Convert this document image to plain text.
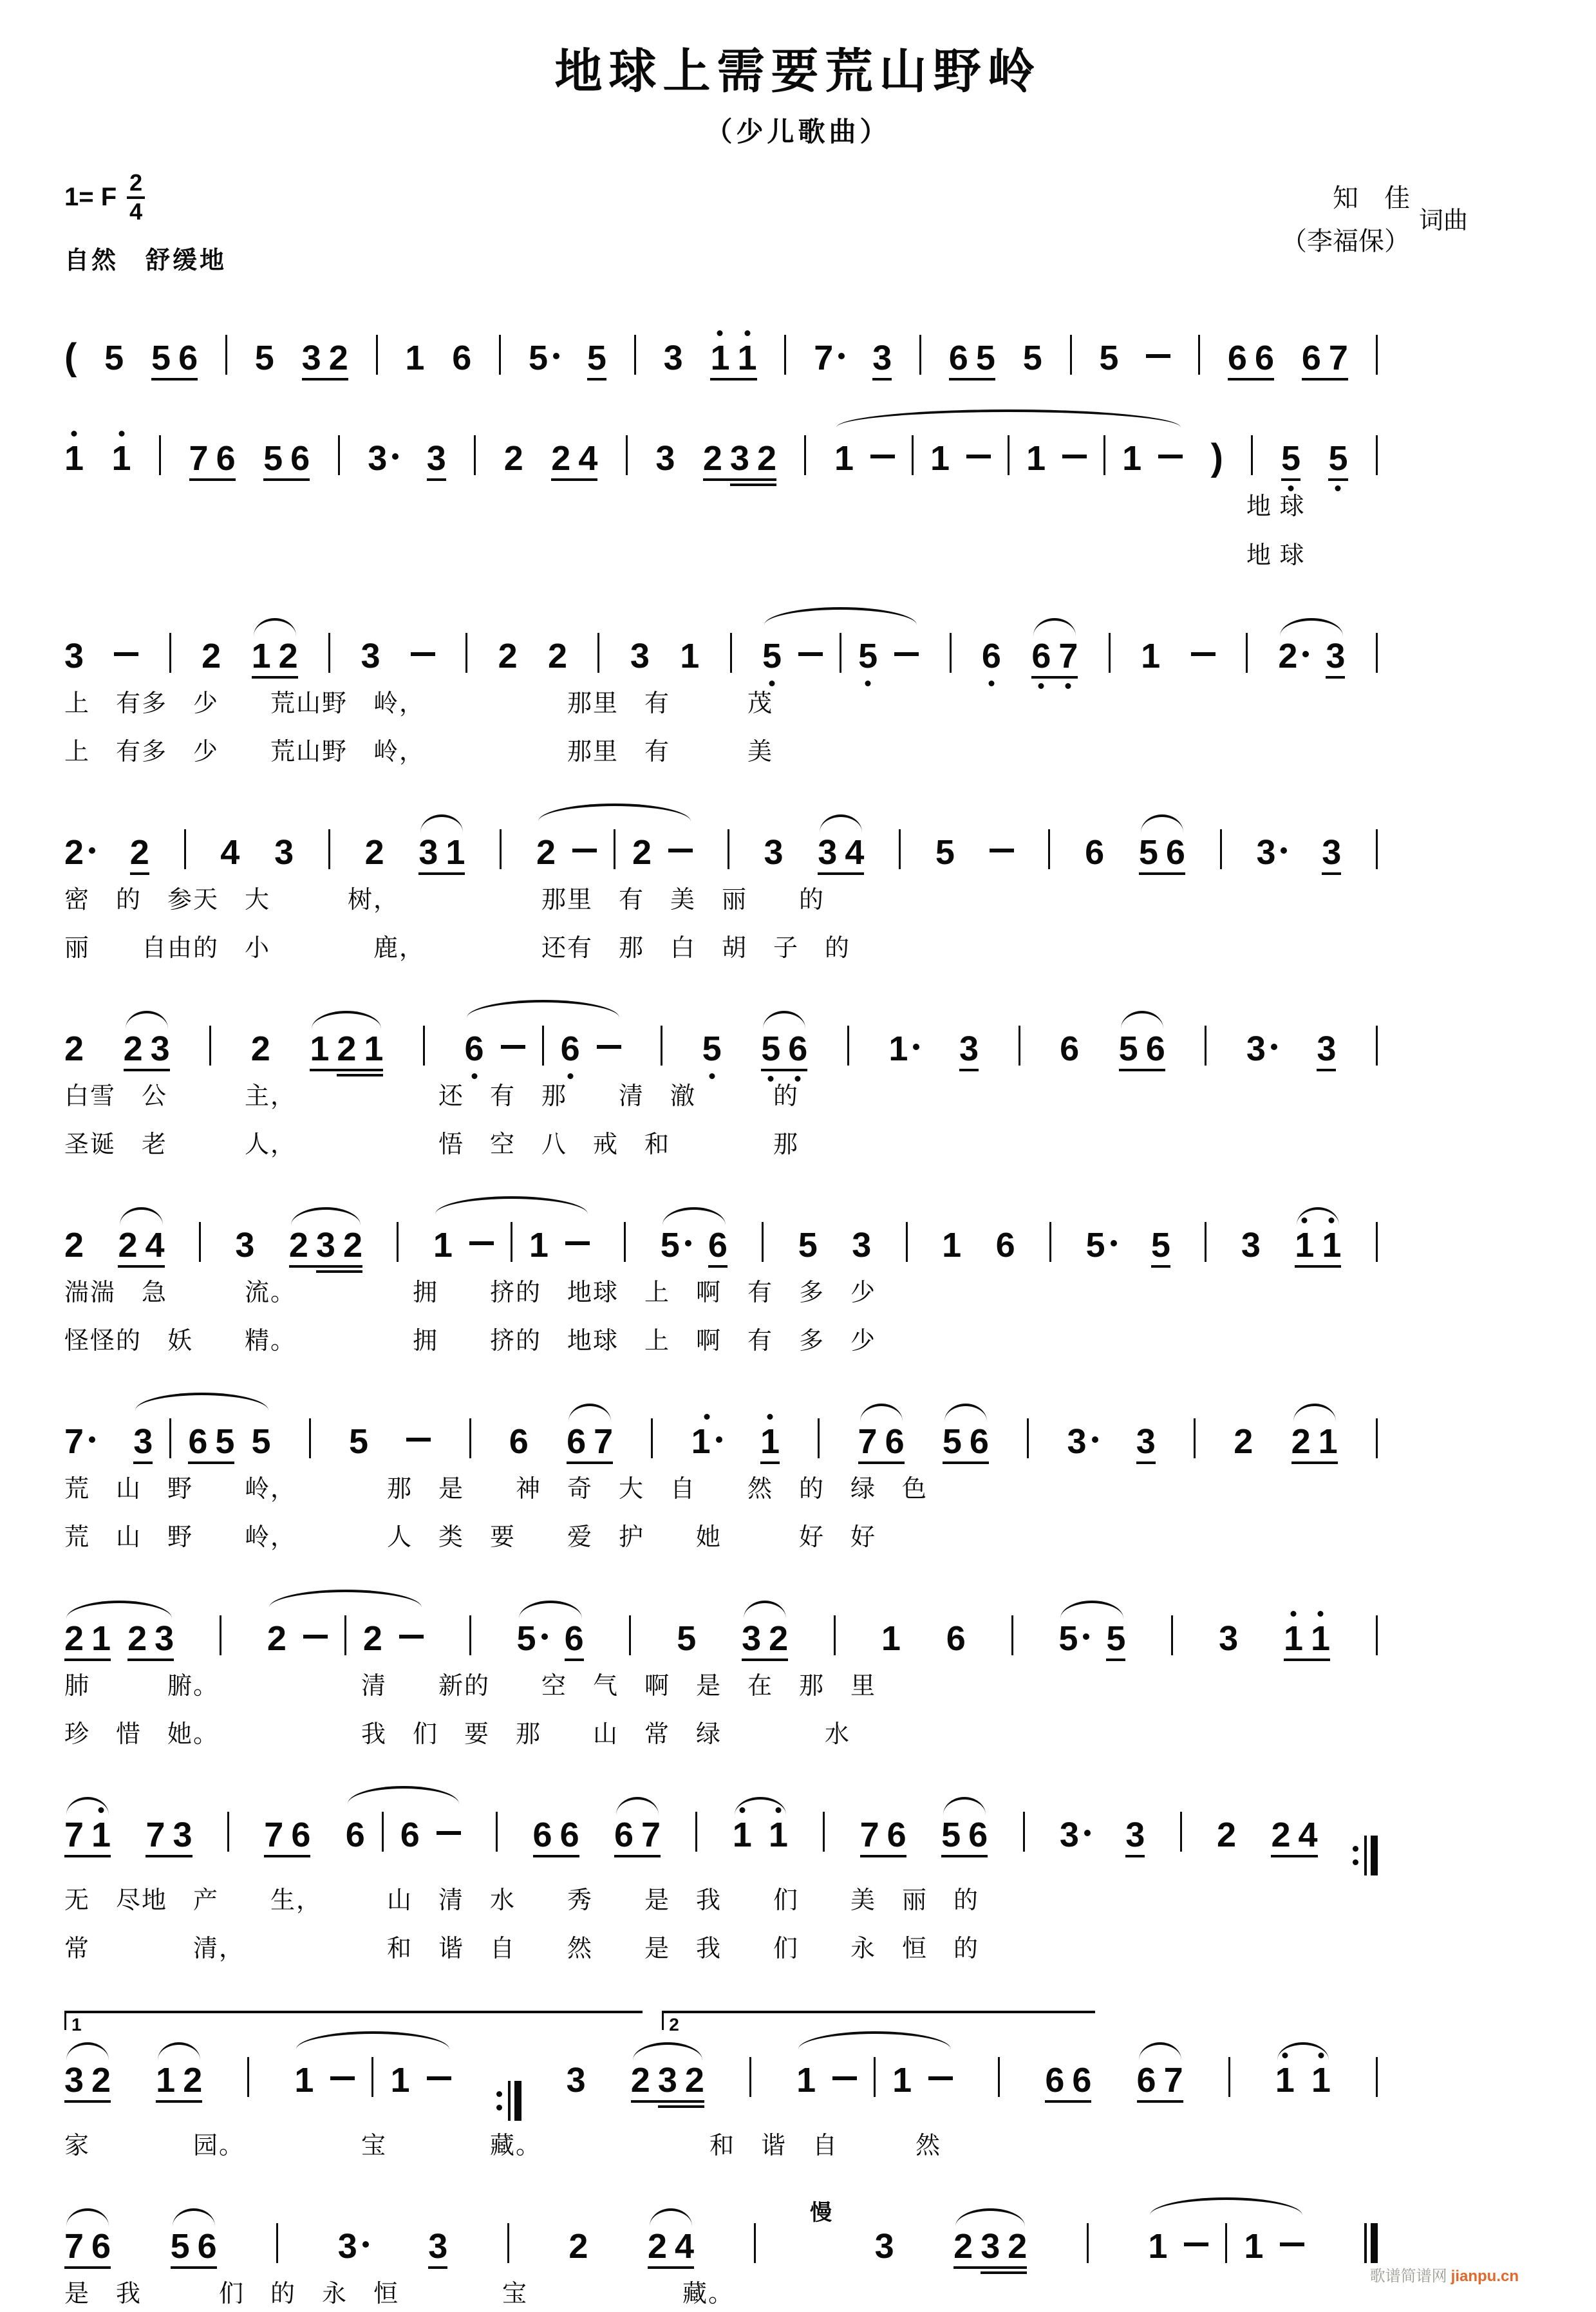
地球上需要荒山野岭
（少儿歌曲）
1= F $\frac{2}{4}$
自然　舒缓地
知　佳
（李福保）
词曲
( 5 5 6 5 3 2 1 6 5	5 3 1 1 7	3 6 5 5 5	6 6 6 7
1 1 7 6 5 6 3	3 2 2 4 3 2 3 2 1 1 1 1 ) 5 5
地 球
地 球
3	2 1 2 3	2 2 3 1 5 5	6 6 7 1	2 3
上　有多　少　　荒山野　岭，　　　　　　那里　有　　　茂
上　有多　少　　荒山野　岭，　　　　　　那里　有　　　美
2	2 4 3 2 3 1 2 2	3 3 4 5	6 5 6 3	3
密　的　参天　大　　　树，　　　　　　那里　有　美　丽　　的
丽　　自由的　小　　　　鹿，　　　　　还有　那　白　胡　子　的
2 2 3 2 1 2 1 6 6	5 5 6 1	3 6 5 6 3	3
白雪　公　　　主，　　　　　　还　有　那　　清　澈　　　的
圣诞　老　　　人，　　　　　　悟　空　八　戒　和　　　　那
2 2 4 3 2 3 2 1 1	5 6 5 3 1 6 5	5 3 1 1
湍湍　急　　　流。　　　　　拥　　挤的　地球　上　啊　有　多　少
怪怪的　妖　　精。　　　　　拥　　挤的　地球　上　啊　有　多　少
7	3 6 5 5 5	6 6 7 1	1 7 6 5 6 3	3 2 2 1
荒　山　野　　岭，　　　　那　是　　神　奇　大　自　　然　的　绿　色
荒　山　野　　岭，　　　　人　类　要　　爱　护　　她　　　好　好
2 1 2 3	2 2	5 6	5 3 2	1 6	5 5	3 1 1
肺　　　腑。　　　　　　清　　新的　　空　气　啊　是　在　那　里
珍　惜　她。　　　　　　我　们　要　那　　山　常　绿　　　　水
7 1 7 3 7 6 6 6	6 6 6 7 1 1 7 6 5 6 3	3 2 2 4
无　尽地　产　　生，　　　山　清　水　　秀　　是　我　　们　　美　丽　的
常　　　　清，　　　　　　和　谐　自　　然　　是　我　　们　　永　恒　的
1	2
3 2 1 2	1 1	3 2 3 2	1 1	6 6 6 7	1 1
家　　　　园。　　　　　宝　　　　藏。　　　　　　　和　谐　自　　　然
7 6 5 6	3	3	2 2 4
慢
3 2 3 2	1 1
是　我　　　们　的　永　恒　　　　宝　　　　　　藏。
歌谱简谱网 jianpu.cn
